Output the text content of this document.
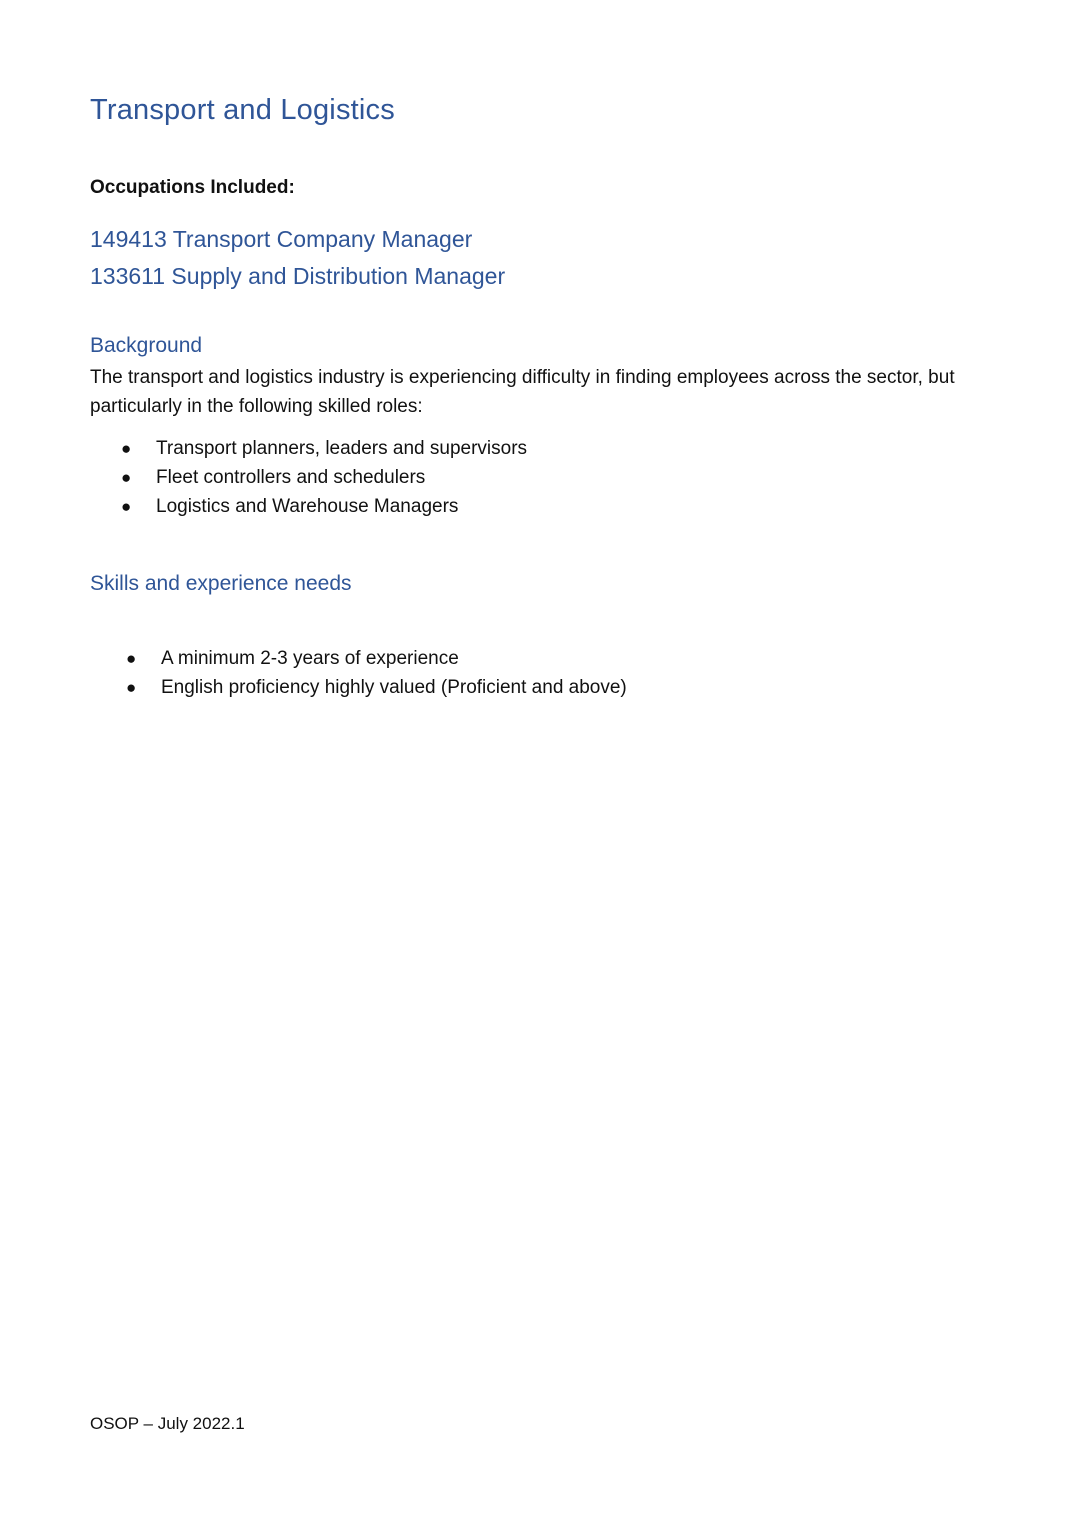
Transport and Logistics

Occupations Included:

149413 Transport Company Manager
133611 Supply and Distribution Manager
Background

The transport and logistics industry is experiencing difficulty in finding employees across the sector, but particularly in the following skilled roles:

● Transport planners, leaders and supervisors
● Fleet controllers and schedulers
● Logistics and Warehouse Managers
Skills and experience needs
● A minimum 2-3 years of experience
● English proficiency highly valued (Proficient and above)

OSOP – July 2022.1
